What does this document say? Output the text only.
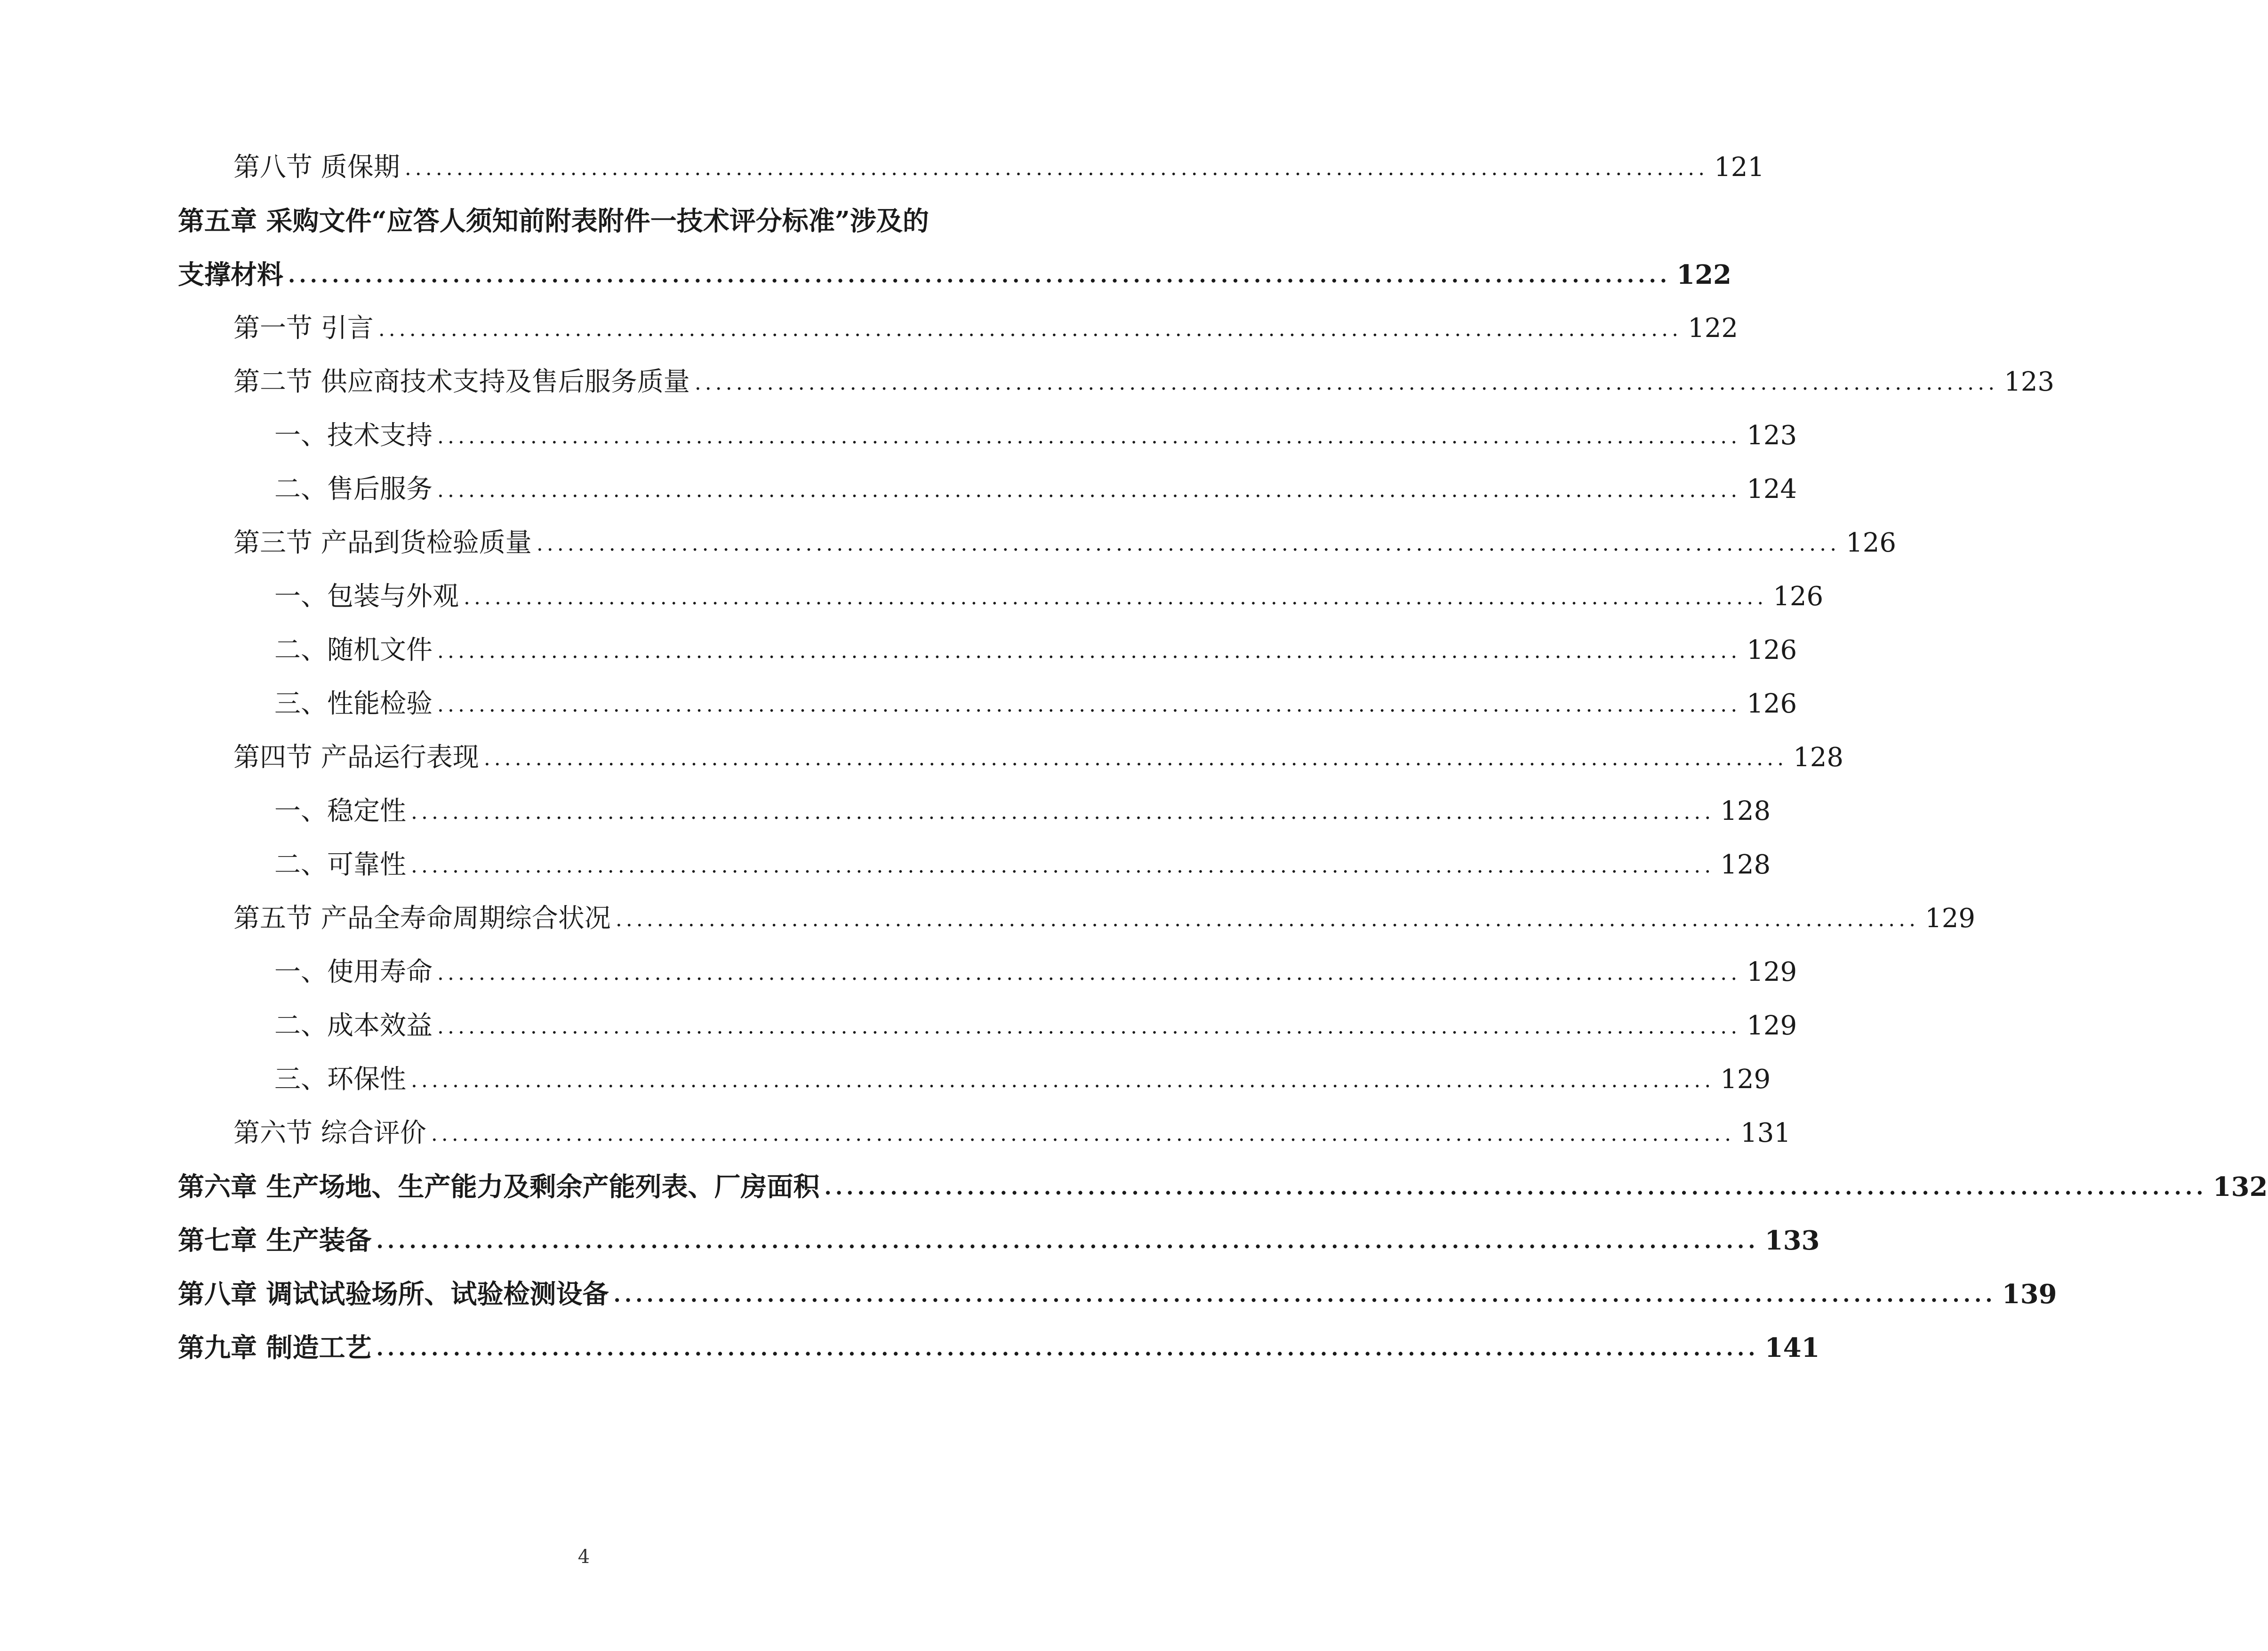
第八节 质保期 .............................................................................................................................. 121
第五章 采购文件“应答人须知前附表附件一技术评分标准”涉及的
支撑材料 .............................................................................................................................. 122
第一节 引言 .............................................................................................................................. 122
第二节 供应商技术支持及售后服务质量 .............................................................................................................................. 123
一、技术支持 .............................................................................................................................. 123
二、售后服务 .............................................................................................................................. 124
第三节 产品到货检验质量 .............................................................................................................................. 126
一、包装与外观 .............................................................................................................................. 126
二、随机文件 .............................................................................................................................. 126
三、性能检验 .............................................................................................................................. 126
第四节 产品运行表现 .............................................................................................................................. 128
一、稳定性 .............................................................................................................................. 128
二、可靠性 .............................................................................................................................. 128
第五节 产品全寿命周期综合状况 .............................................................................................................................. 129
一、使用寿命 .............................................................................................................................. 129
二、成本效益 .............................................................................................................................. 129
三、环保性 .............................................................................................................................. 129
第六节 综合评价 .............................................................................................................................. 131
第六章 生产场地、生产能力及剩余产能列表、厂房面积 .............................................................................................................................. 132
第七章 生产装备 .............................................................................................................................. 133
第八章 调试试验场所、试验检测设备 .............................................................................................................................. 139
第九章 制造工艺 .............................................................................................................................. 141
4
